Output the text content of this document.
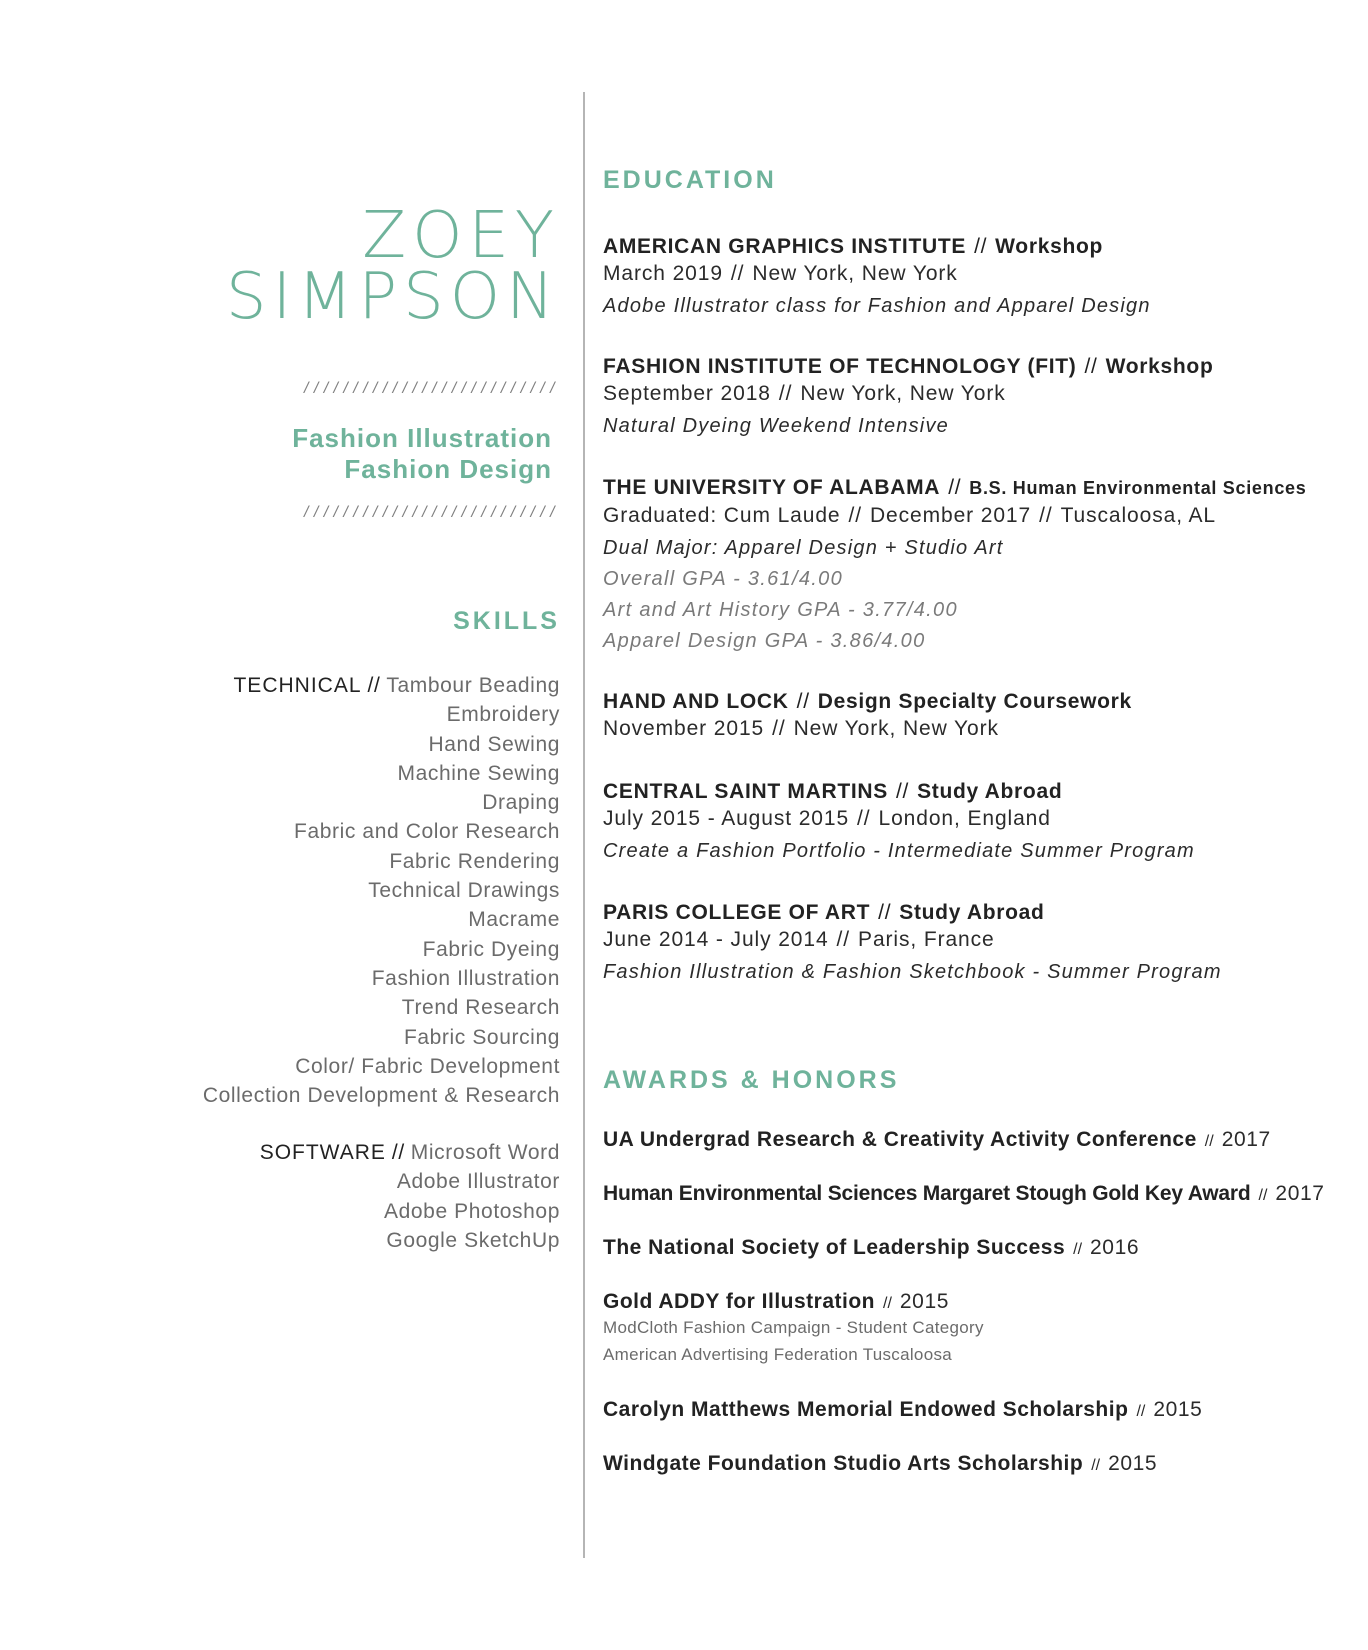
ZOEY
SIMPSON
//////////////////////////
Fashion Illustration
Fashion Design
//////////////////////////
SKILLS
TECHNICAL // Tambour Beading
Embroidery
Hand Sewing
Machine Sewing
Draping
Fabric and Color Research
Fabric Rendering
Technical Drawings
Macrame
Fabric Dyeing
Fashion Illustration
Trend Research
Fabric Sourcing
Color/ Fabric Development
Collection Development & Research
SOFTWARE // Microsoft Word
Adobe Illustrator
Adobe Photoshop
Google SketchUp
EDUCATION
AMERICAN GRAPHICS INSTITUTE // Workshop
March 2019 // New York, New York
Adobe Illustrator class for Fashion and Apparel Design
FASHION INSTITUTE OF TECHNOLOGY (FIT) // Workshop
September 2018 // New York, New York
Natural Dyeing Weekend Intensive
THE UNIVERSITY OF ALABAMA // B.S. Human Environmental Sciences
Graduated: Cum Laude // December 2017 // Tuscaloosa, AL
Dual Major: Apparel Design + Studio Art
Overall GPA - 3.61/4.00
Art and Art History GPA - 3.77/4.00
Apparel Design GPA - 3.86/4.00
HAND AND LOCK // Design Specialty Coursework
November 2015 // New York, New York
CENTRAL SAINT MARTINS // Study Abroad
July 2015 - August 2015 // London, England
Create a Fashion Portfolio - Intermediate Summer Program
PARIS COLLEGE OF ART // Study Abroad
June 2014 - July 2014 // Paris, France
Fashion Illustration & Fashion Sketchbook - Summer Program
AWARDS & HONORS
UA Undergrad Research & Creativity Activity Conference // 2017
Human Environmental Sciences Margaret Stough Gold Key Award // 2017
The National Society of Leadership Success // 2016
Gold ADDY for Illustration // 2015
ModCloth Fashion Campaign - Student Category
American Advertising Federation Tuscaloosa
Carolyn Matthews Memorial Endowed Scholarship // 2015
Windgate Foundation Studio Arts Scholarship // 2015
